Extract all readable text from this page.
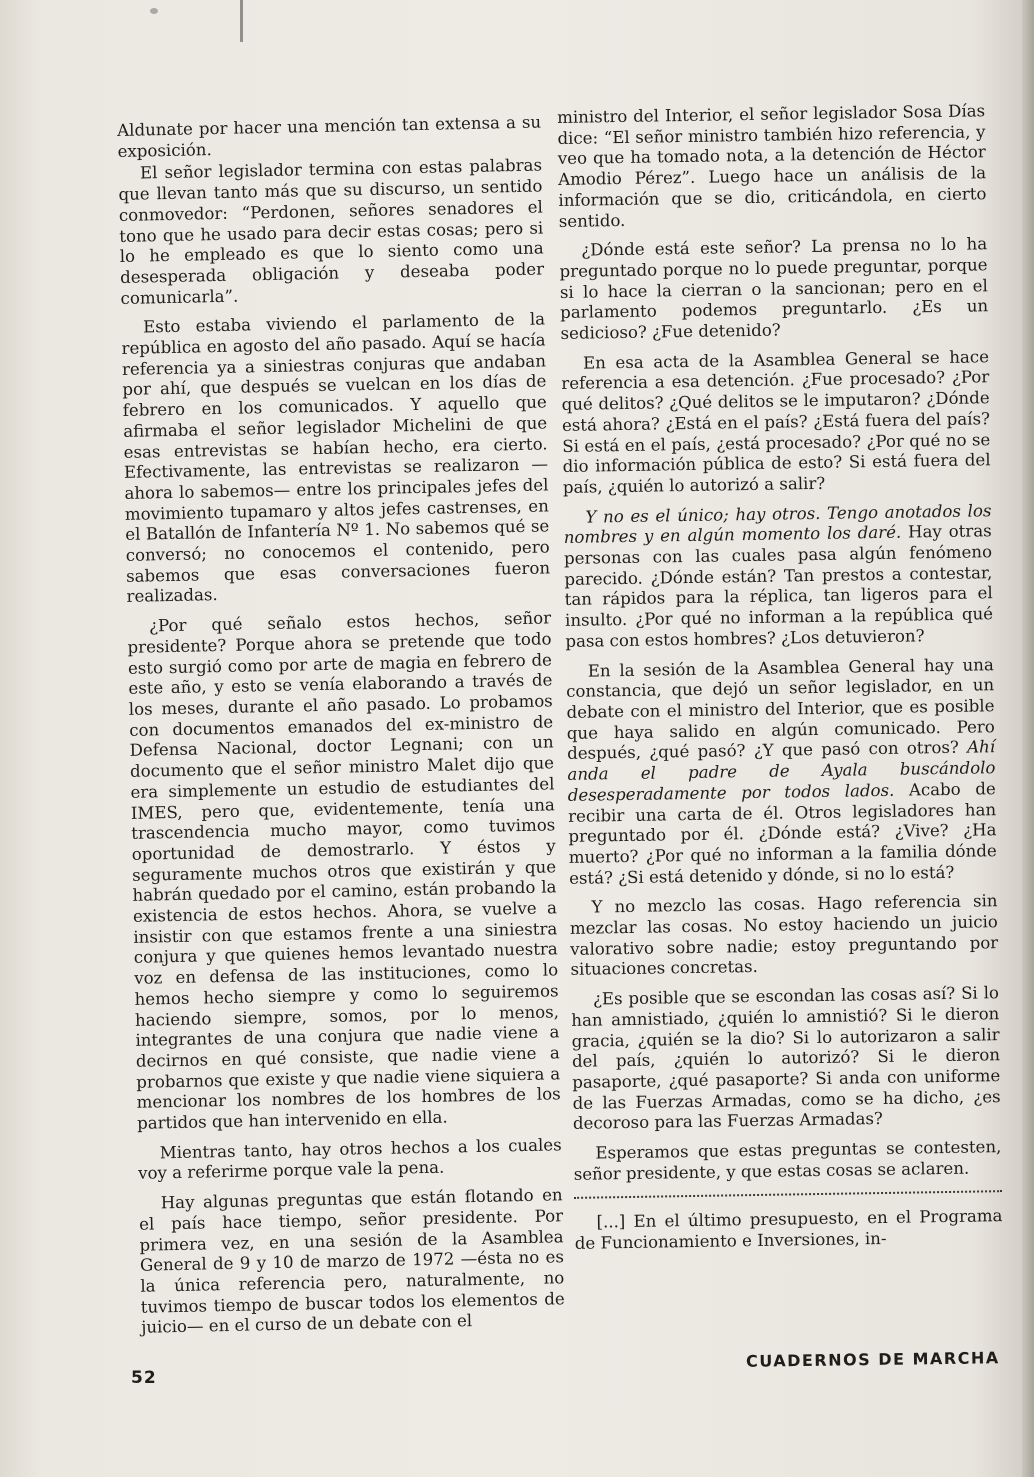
Aldunate por hacer una mención tan extensa a su exposición.

El señor legislador termina con estas palabras que llevan tanto más que su discurso, un sentido conmovedor: “Perdonen, señores senadores el tono que he usado para decir estas cosas; pero si lo he empleado es que lo siento como una desesperada obligación y deseaba poder comunicarla”.

Esto estaba viviendo el parlamento de la república en agosto del año pasado. Aquí se hacía referencia ya a siniestras conjuras que andaban por ahí, que después se vuelcan en los días de febrero en los comunicados. Y aquello que afirmaba el señor legislador Michelini de que esas entrevistas se habían hecho, era cierto. Efectivamente, las entrevistas se realizaron —ahora lo sabemos— entre los principales jefes del movimiento tupamaro y altos jefes castrenses, en el Batallón de Infantería Nº 1. No sabemos qué se conversó; no conocemos el contenido, pero sabemos que esas conversaciones fueron realizadas.

¿Por qué señalo estos hechos, señor presidente? Porque ahora se pretende que todo esto surgió como por arte de magia en febrero de este año, y esto se venía elaborando a través de los meses, durante el año pasado. Lo probamos con documentos emanados del ex-ministro de Defensa Nacional, doctor Legnani; con un documento que el señor ministro Malet dijo que era simplemente un estudio de estudiantes del IMES, pero que, evidentemente, tenía una trascendencia mucho mayor, como tuvimos oportunidad de demostrarlo. Y éstos y seguramente muchos otros que existirán y que habrán quedado por el camino, están probando la existencia de estos hechos. Ahora, se vuelve a insistir con que estamos frente a una siniestra conjura y que quienes hemos levantado nuestra voz en defensa de las instituciones, como lo hemos hecho siempre y como lo seguiremos haciendo siempre, somos, por lo menos, integrantes de una conjura que nadie viene a decirnos en qué consiste, que nadie viene a probarnos que existe y que nadie viene siquiera a mencionar los nombres de los hombres de los partidos que han intervenido en ella.

Mientras tanto, hay otros hechos a los cuales voy a referirme porque vale la pena.

Hay algunas preguntas que están flotando en el país hace tiempo, señor presidente. Por primera vez, en una sesión de la Asamblea General de 9 y 10 de marzo de 1972 —ésta no es la única referencia pero, naturalmente, no tuvimos tiempo de buscar todos los elementos de juicio— en el curso de un debate con el

ministro del Interior, el señor legislador Sosa Días dice: “El señor ministro también hizo referencia, y veo que ha tomado nota, a la detención de Héctor Amodio Pérez”. Luego hace un análisis de la información que se dio, criticándola, en cierto sentido.

¿Dónde está este señor? La prensa no lo ha preguntado porque no lo puede preguntar, porque si lo hace la cierran o la sancionan; pero en el parlamento podemos preguntarlo. ¿Es un sedicioso? ¿Fue detenido?

En esa acta de la Asamblea General se hace referencia a esa detención. ¿Fue procesado? ¿Por qué delitos? ¿Qué delitos se le imputaron? ¿Dónde está ahora? ¿Está en el país? ¿Está fuera del país? Si está en el país, ¿está procesado? ¿Por qué no se dio información pública de esto? Si está fuera del país, ¿quién lo autorizó a salir?

Y no es el único; hay otros. Tengo anotados los nombres y en algún momento los daré. Hay otras personas con las cuales pasa algún fenómeno parecido. ¿Dónde están? Tan prestos a contestar, tan rápidos para la réplica, tan ligeros para el insulto. ¿Por qué no informan a la república qué pasa con estos hombres? ¿Los detuvieron?

En la sesión de la Asamblea General hay una constancia, que dejó un señor legislador, en un debate con el ministro del Interior, que es posible que haya salido en algún comunicado. Pero después, ¿qué pasó? ¿Y que pasó con otros? Ahí anda el padre de Ayala buscándolo desesperadamente por todos lados. Acabo de recibir una carta de él. Otros legisladores han preguntado por él. ¿Dónde está? ¿Vive? ¿Ha muerto? ¿Por qué no informan a la familia dónde está? ¿Si está detenido y dónde, si no lo está?

Y no mezclo las cosas. Hago referencia sin mezclar las cosas. No estoy haciendo un juicio valorativo sobre nadie; estoy preguntando por situaciones concretas.

¿Es posible que se escondan las cosas así? Si lo han amnistiado, ¿quién lo amnistió? Si le dieron gracia, ¿quién se la dio? Si lo autorizaron a salir del país, ¿quién lo autorizó? Si le dieron pasaporte, ¿qué pasaporte? Si anda con uniforme de las Fuerzas Armadas, como se ha dicho, ¿es decoroso para las Fuerzas Armadas?

Esperamos que estas preguntas se contesten, señor presidente, y que estas cosas se aclaren.

[...] En el último presupuesto, en el Programa de Funcionamiento e Inversiones, in-

52
CUADERNOS DE MARCHA
